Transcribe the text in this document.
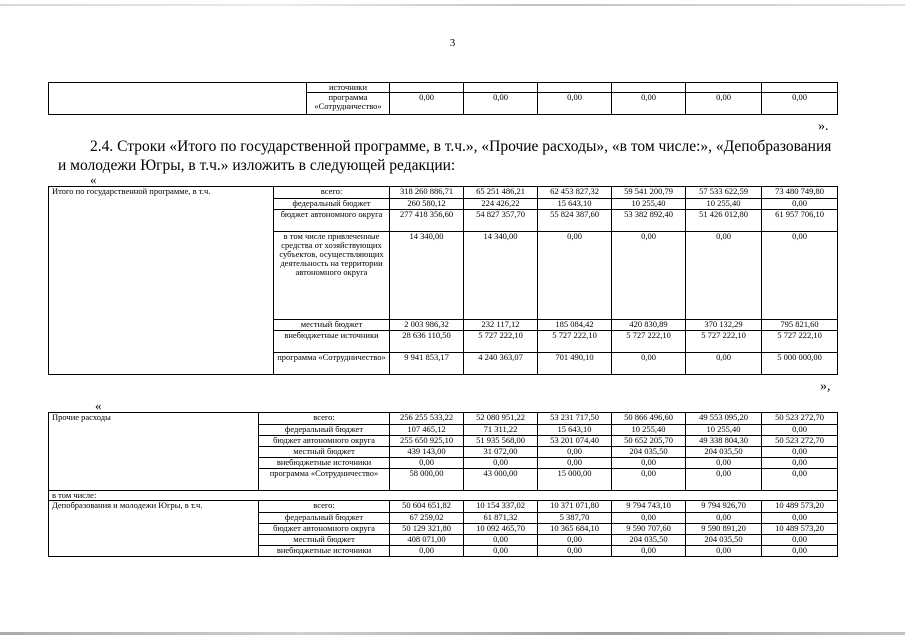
3
	источники						
	программа «Сотрудничество»	0,00	0,00	0,00	0,00	0,00	0,00
».
2.4. Строки «Итого по государственной программе, в т.ч.», «Прочие расходы», «в том числе:», «Депобразования
и молодежи Югры, в т.ч.» изложить в следующей редакции:
«
Итого по государственной программе, в т.ч.	всего:	318 260 886,71	65 251 486,21	62 453 827,32	59 541 200,79	57 533 622,59	73 480 749,80
	федеральный бюджет	260 580,12	224 426,22	15 643,10	10 255,40	10 255,40	0,00
	бюджет автономного округа	277 418 356,60	54 827 357,70	55 824 387,60	53 382 892,40	51 426 012,80	61 957 706,10
	в том числе привлеченные средства от хозяйствующих субъектов, осуществляющих деятельность на территории автономного округа	14 340,00	14 340,00	0,00	0,00	0,00	0,00
	местный бюджет	2 003 986,32	232 117,12	185 084,42	420 830,89	370 132,29	795 821,60
	внебюджетные источники	28 636 110,50	5 727 222,10	5 727 222,10	5 727 222,10	5 727 222,10	5 727 222,10
	программа «Сотрудничество»	9 941 853,17	4 240 363,07	701 490,10	0,00	0,00	5 000 000,00
»,
«
Прочие расходы	всего:	256 255 533,22	52 080 951,22	53 231 717,50	50 866 496,60	49 553 095,20	50 523 272,70
	федеральный бюджет	107 465,12	71 311,22	15 643,10	10 255,40	10 255,40	0,00
	бюджет автономного округа	255 650 925,10	51 935 568,00	53 201 074,40	50 652 205,70	49 338 804,30	50 523 272,70
	местный бюджет	439 143,00	31 072,00	0,00	204 035,50	204 035,50	0,00
	внебюджетные источники	0,00	0,00	0,00	0,00	0,00	0,00
	программа «Сотрудничество»	58 000,00	43 000,00	15 000,00	0,00	0,00	0,00
в том числе:							
Депобразования и молодежи Югры, в т.ч.	всего:	50 604 651,82	10 154 337,02	10 371 071,80	9 794 743,10	9 794 926,70	10 489 573,20
	федеральный бюджет	67 259,02	61 871,32	5 387,70	0,00	0,00	0,00
	бюджет автономного округа	50 129 321,80	10 092 465,70	10 365 684,10	9 590 707,60	9 590 891,20	10 489 573,20
	местный бюджет	408 071,00	0,00	0,00	204 035,50	204 035,50	0,00
	внебюджетные источники	0,00	0,00	0,00	0,00	0,00	0,00
